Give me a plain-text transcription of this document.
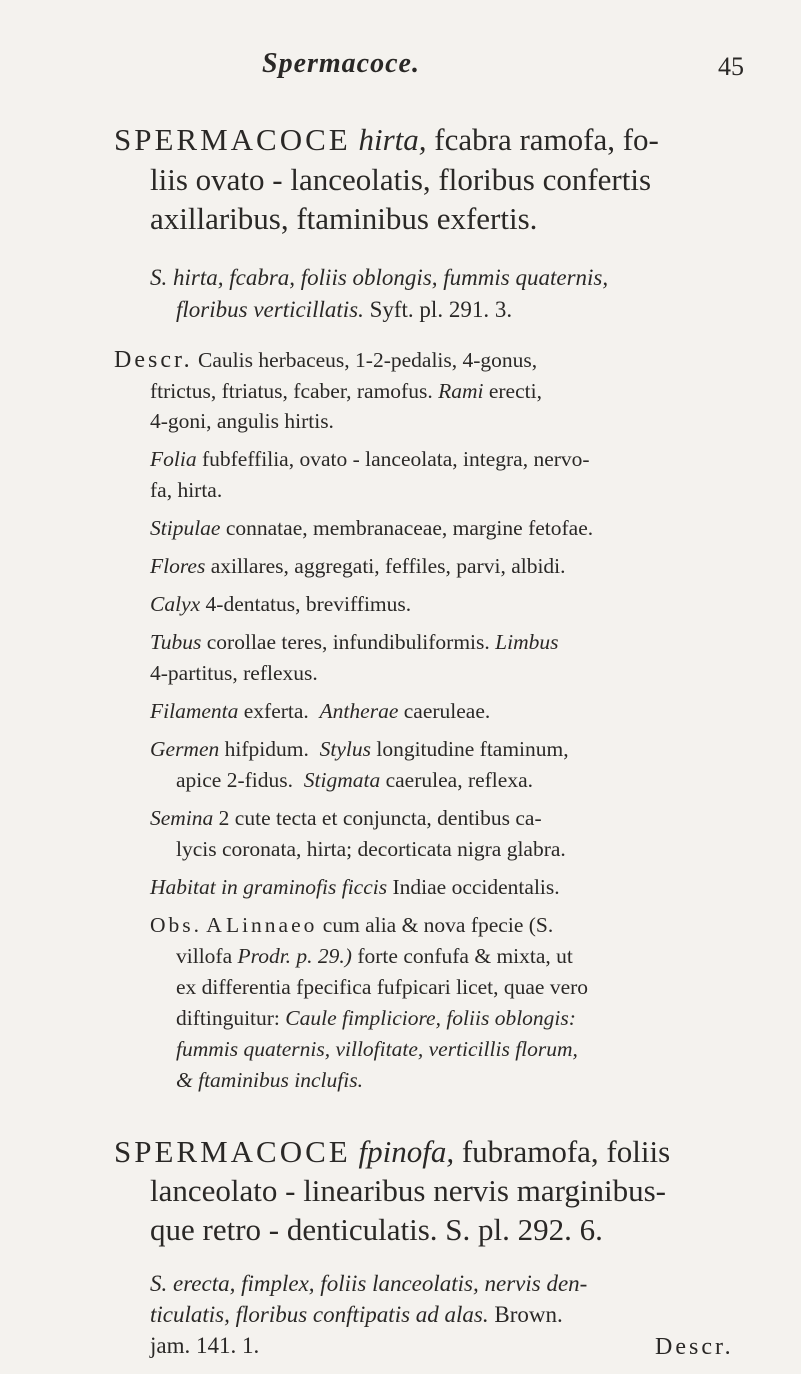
Spermacoce.	45
SPERMACOCE hirta, fcabra ramofa, fo-
liis ovato - lanceolatis, floribus confertis
axillaribus, ftaminibus exfertis.
S. hirta, fcabra, foliis oblongis, fummis quaternis,
floribus verticillatis. Syft. pl. 291. 3.
Descr. Caulis herbaceus, 1-2-pedalis, 4-gonus,
ftrictus, ftriatus, fcaber, ramofus. Rami erecti,
4-goni, angulis hirtis.
Folia fubfeffilia, ovato - lanceolata, integra, nervo-
fa, hirta.
Stipulae connatae, membranaceae, margine fetofae.
Flores axillares, aggregati, feffiles, parvi, albidi.
Calyx 4-dentatus, breviffimus.
Tubus corollae teres, infundibuliformis. Limbus
4-partitus, reflexus.
Filamenta exferta. Antherae caeruleae.
Germen hifpidum. Stylus longitudine ftaminum,
apice 2-fidus. Stigmata caerulea, reflexa.
Semina 2 cute tecta et conjuncta, dentibus ca-
lycis coronata, hirta; decorticata nigra glabra.
Habitat in graminofis ficcis Indiae occidentalis.
Obs. A Linnaeo cum alia & nova fpecie (S.
villofa Prodr. p. 29.) forte confufa & mixta, ut
ex differentia fpecifica fufpicari licet, quae vero
diftinguitur: Caule fimpliciore, foliis oblongis:
fummis quaternis, villofitate, verticillis florum,
& ftaminibus inclufis.
SPERMACOCE fpinofa, fubramofa, foliis
lanceolato - linearibus nervis marginibus-
que retro - denticulatis. S. pl. 292. 6.
S. erecta, fimplex, foliis lanceolatis, nervis den-
ticulatis, floribus conftipatis ad alas. Brown.
jam. 141. 1.	Descr.
